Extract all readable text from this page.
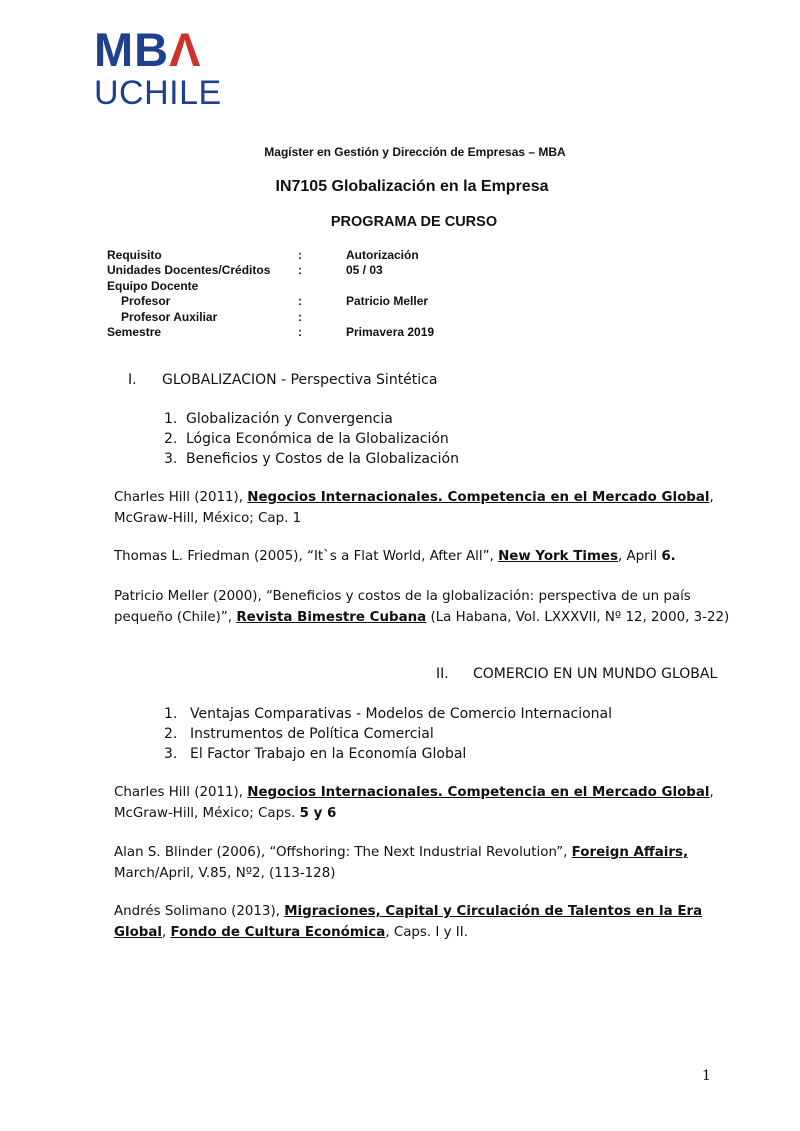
MBΛ
UCHILE
Magíster en Gestión y Dirección de Empresas – MBA
IN7105 Globalización en la Empresa
PROGRAMA DE CURSO
Requisito	:	Autorización
Unidades Docentes/Créditos :	05 / 03
Equipo Docente
Profesor	:	Patricio Meller
Profesor Auxiliar	:
Semestre	:	Primavera 2019
I. GLOBALIZACION - Perspectiva Sintética
1. Globalización y Convergencia
2. Lógica Económica de la Globalización
3. Beneficios y Costos de la Globalización
Charles Hill (2011), Negocios Internacionales. Competencia en el Mercado Global, McGraw-Hill, México; Cap. 1
Thomas L. Friedman (2005), “It`s a Flat World, After All”, New York Times, April 6.
Patricio Meller (2000), “Beneficios y costos de la globalización: perspectiva de un país pequeño (Chile)”, Revista Bimestre Cubana (La Habana, Vol. LXXXVII, Nº 12, 2000, 3-22)
II. COMERCIO EN UN MUNDO GLOBAL
1. Ventajas Comparativas - Modelos de Comercio Internacional
2. Instrumentos de Política Comercial
3. El Factor Trabajo en la Economía Global
Charles Hill (2011), Negocios Internacionales. Competencia en el Mercado Global, McGraw-Hill, México; Caps. 5 y 6
Alan S. Blinder (2006), “Offshoring: The Next Industrial Revolution”, Foreign Affairs, March/April, V.85, Nº2, (113-128)
Andrés Solimano (2013), Migraciones, Capital y Circulación de Talentos en la Era Global, Fondo de Cultura Económica, Caps. I y II.
1
